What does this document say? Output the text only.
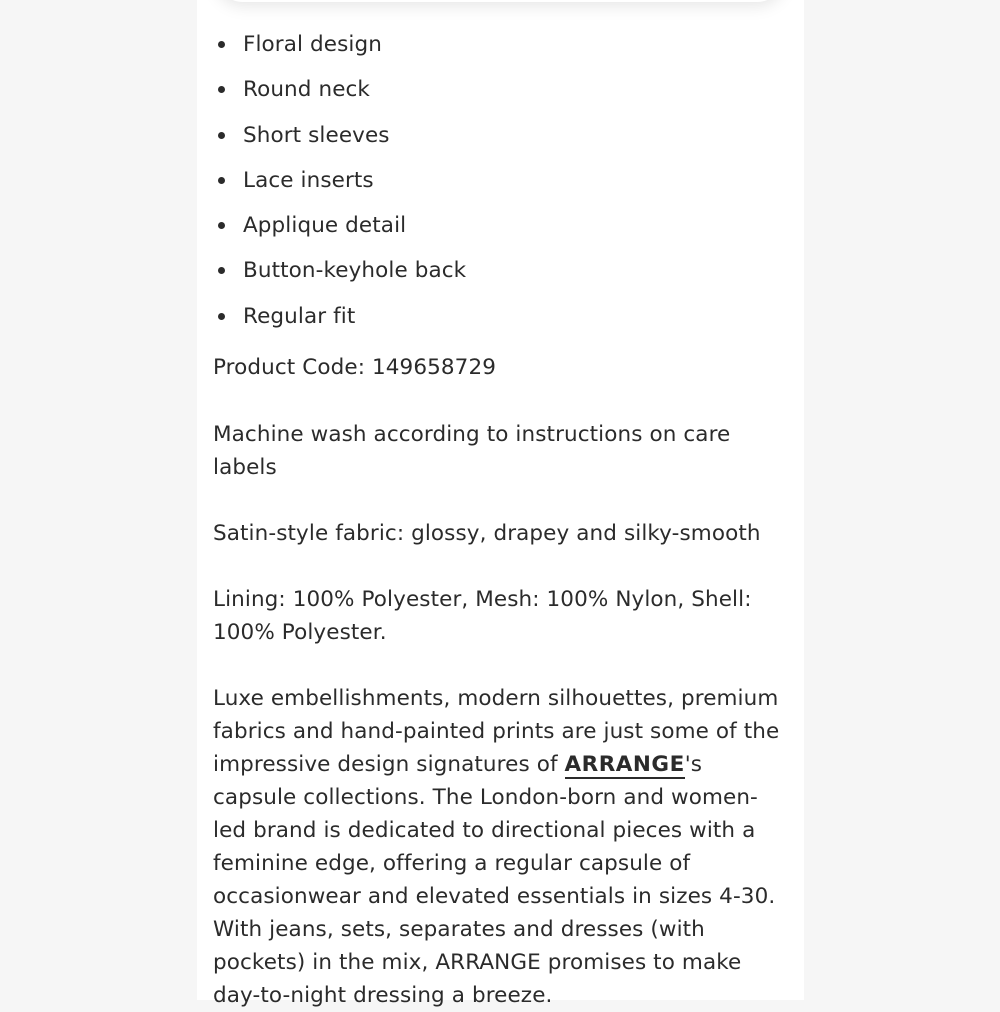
Floral design
Round neck
Short sleeves
Lace inserts
Applique detail
Button-keyhole back
Regular fit

Product Code: 149658729

Machine wash according to instructions on care labels

Satin-style fabric: glossy, drapey and silky-smooth

Lining: 100% Polyester, Mesh: 100% Nylon, Shell: 100% Polyester.

Luxe embellishments, modern silhouettes, premium fabrics and hand-painted prints are just some of the impressive design signatures of ARRANGE's capsule collections. The London-born and women-led brand is dedicated to directional pieces with a feminine edge, offering a regular capsule of occasionwear and elevated essentials in sizes 4-30. With jeans, sets, separates and dresses (with pockets) in the mix, ARRANGE promises to make day-to-night dressing a breeze.
